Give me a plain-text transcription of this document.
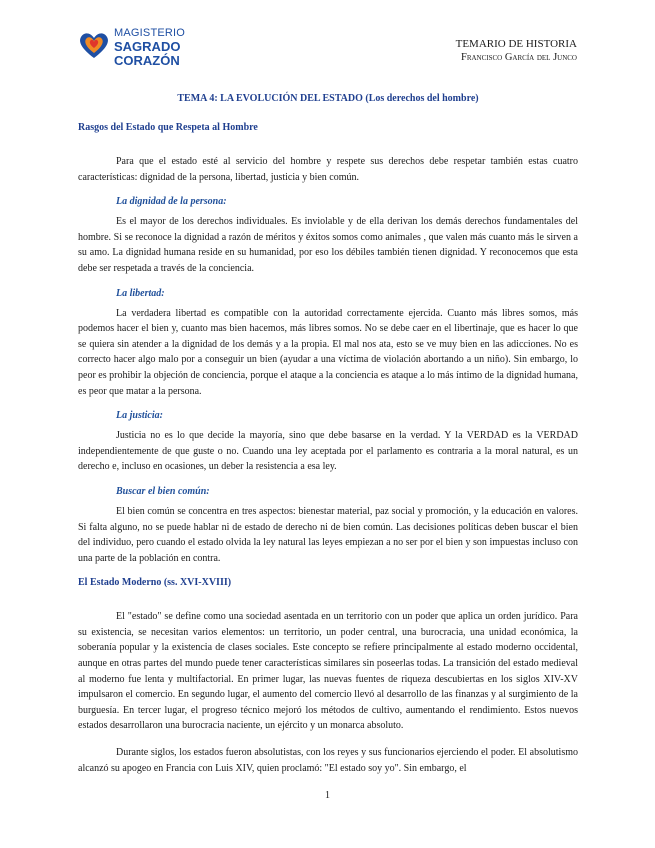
MAGISTERIO
SAGRADO
CORAZÓN
TEMARIO DE HISTORIA
Francisco García del Junco
TEMA 4: LA EVOLUCIÓN DEL ESTADO (Los derechos del hombre)
Rasgos del Estado que Respeta al Hombre

Para que el estado esté al servicio del hombre y respete sus derechos debe respetar también estas cuatro características: dignidad de la persona, libertad, justicia y bien común.

La dignidad de la persona:

Es el mayor de los derechos individuales. Es inviolable y de ella derivan los demás derechos fundamentales del hombre. Si se reconoce la dignidad a razón de méritos y éxitos somos como animales , que valen más cuanto más le sirven a su amo. La dignidad humana reside en su humanidad, por eso los débiles también tienen dignidad. Y reconocemos que esta debe ser respetada a través de la conciencia.

La libertad:

La verdadera libertad es compatible con la autoridad correctamente ejercida. Cuanto más libres somos, más podemos hacer el bien y, cuanto mas bien hacemos, más libres somos. No se debe caer en el libertinaje, que es hacer lo que se quiera sin atender a la dignidad de los demás y a la propia. El mal nos ata, esto se ve muy bien en las adicciones. No es correcto hacer algo malo por a conseguir un bien (ayudar a una víctima de violación abortando a un niño). Sin embargo, lo peor es prohibir la objeción de conciencia, porque el ataque a la conciencia es ataque a lo más íntimo de la dignidad humana, es peor que matar a la persona.

La justicia:

Justicia no es lo que decide la mayoría, sino que debe basarse en la verdad. Y la VERDAD es la VERDAD independientemente de que guste o no. Cuando una ley aceptada por el parlamento es contraria a la moral natural, es un derecho e, incluso en ocasiones, un deber la resistencia a esa ley.

Buscar el bien común:

El bien común se concentra en tres aspectos: bienestar material, paz social y promoción, y la educación en valores. Si falta alguno, no se puede hablar ni de estado de derecho ni de bien común. Las decisiones políticas deben buscar el bien del individuo, pero cuando el estado olvida la ley natural las leyes empiezan a no ser por el bien y son impuestas incluso con una parte de la población en contra.

El Estado Moderno (ss. XVI-XVIII)

El "estado" se define como una sociedad asentada en un territorio con un poder que aplica un orden jurídico. Para su existencia, se necesitan varios elementos: un territorio, un poder central, una burocracia, una unidad económica, la soberanía popular y la existencia de clases sociales. Este concepto se refiere principalmente al estado moderno occidental, aunque en otras partes del mundo puede tener características similares sin poseerlas todas. La transición del estado medieval al moderno fue lenta y multifactorial. En primer lugar, las nuevas fuentes de riqueza descubiertas en los siglos XIV-XV impulsaron el comercio. En segundo lugar, el aumento del comercio llevó al desarrollo de las finanzas y al surgimiento de la burguesía. En tercer lugar, el progreso técnico mejoró los métodos de cultivo, aumentando el rendimiento. Estos nuevos estados desarrollaron una burocracia naciente, un ejército y un monarca absoluto.

Durante siglos, los estados fueron absolutistas, con los reyes y sus funcionarios ejerciendo el poder. El absolutismo alcanzó su apogeo en Francia con Luis XIV, quien proclamó: "El estado soy yo". Sin embargo, el

1
